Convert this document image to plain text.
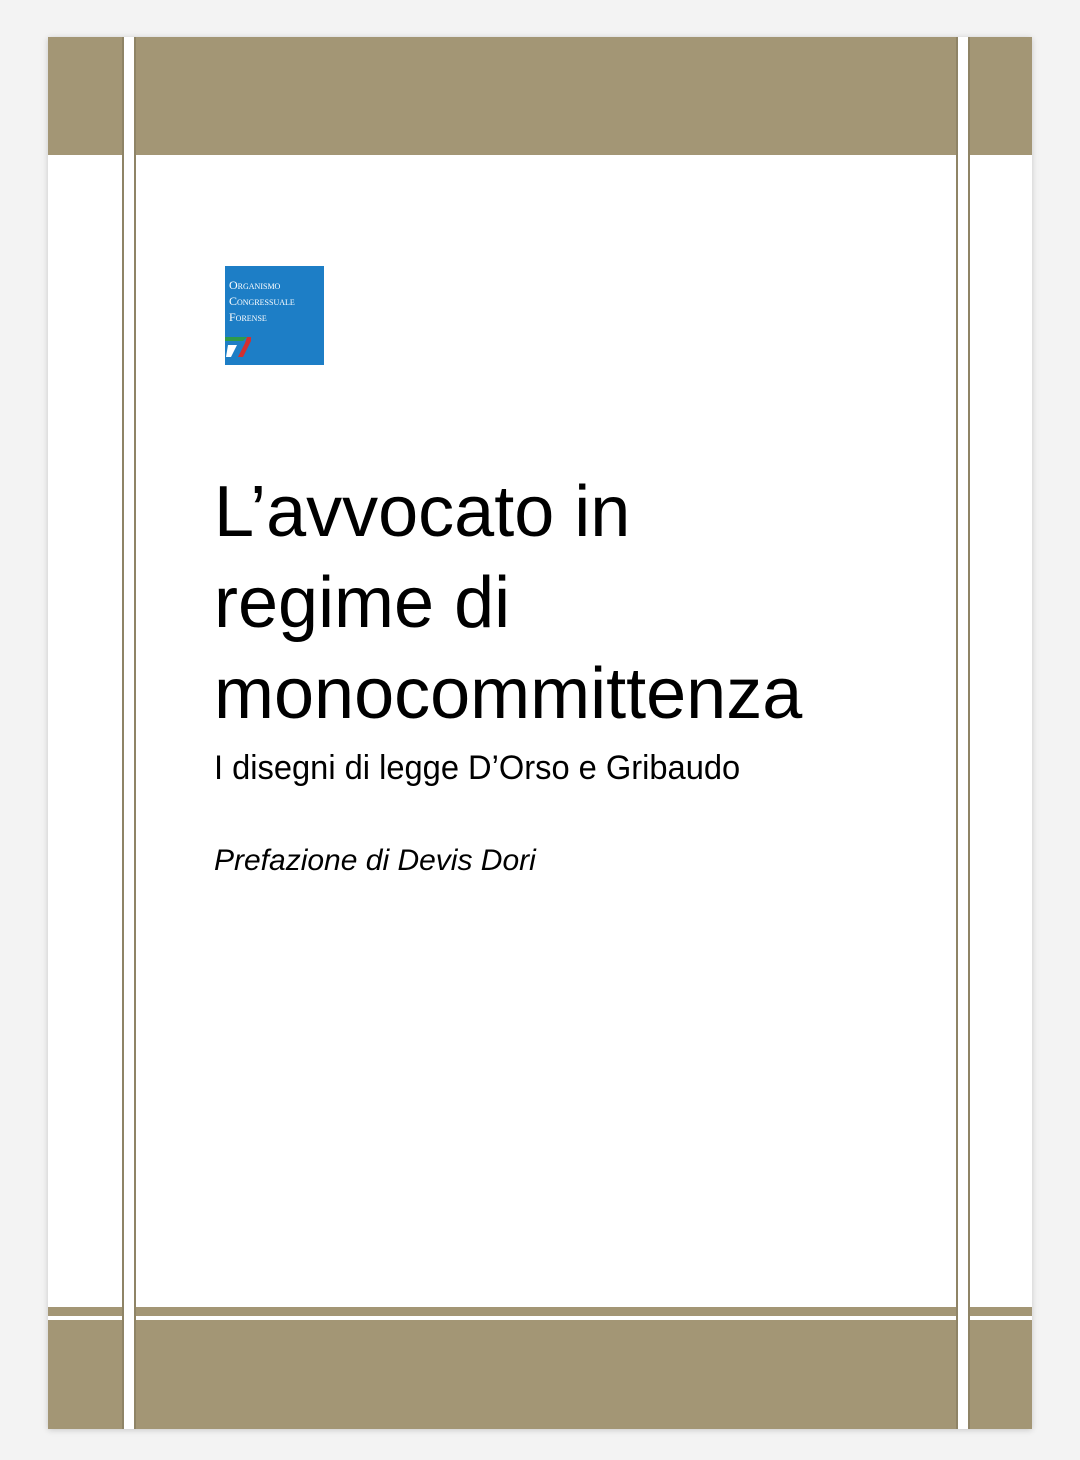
Organismo
Congressuale
Forense
L’avvocato in
regime di
monocommittenza
I disegni di legge D’Orso e Gribaudo

Prefazione di Devis Dori
